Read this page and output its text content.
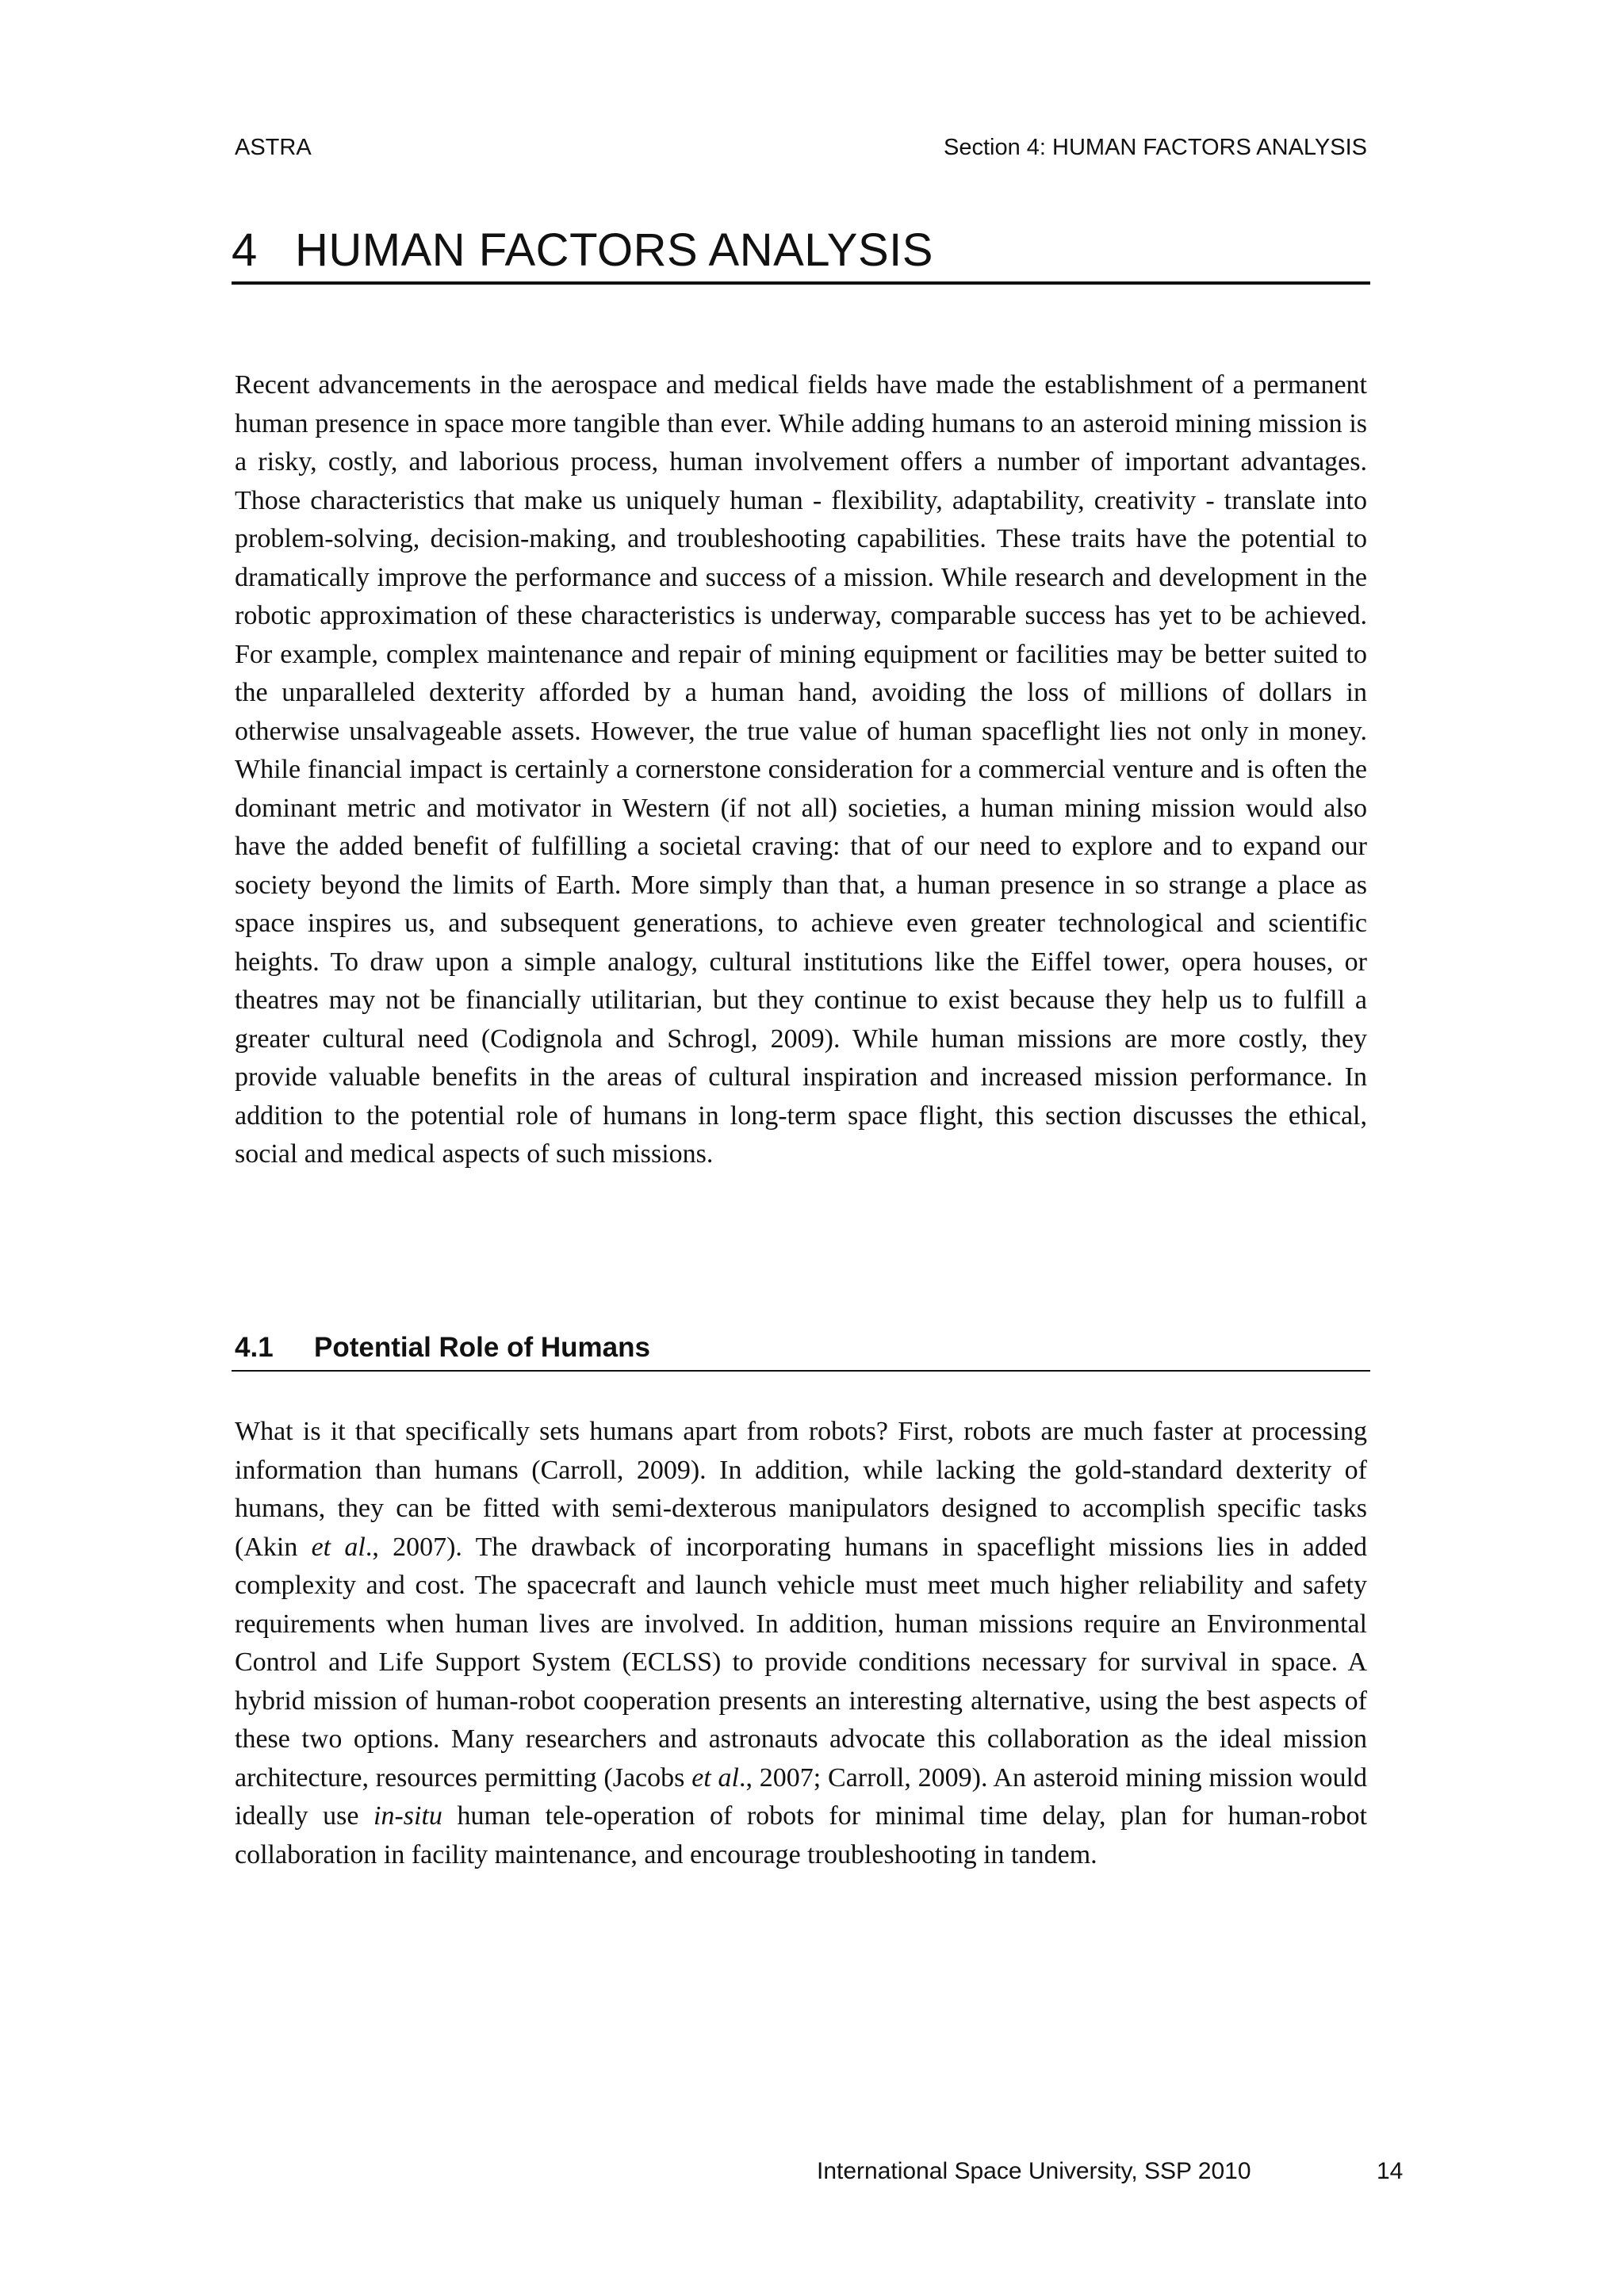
ASTRA	Section 4: HUMAN FACTORS ANALYSIS
4 HUMAN FACTORS ANALYSIS

Recent advancements in the aerospace and medical fields have made the establishment of a permanent human presence in space more tangible than ever. While adding humans to an asteroid mining mission is a risky, costly, and laborious process, human involvement offers a number of important advantages. Those characteristics that make us uniquely human - flexibility, adaptability, creativity - translate into problem-solving, decision-making, and troubleshooting capabilities. These traits have the potential to dramatically improve the performance and success of a mission. While research and development in the robotic approximation of these characteristics is underway, comparable success has yet to be achieved. For example, complex maintenance and repair of mining equipment or facilities may be better suited to the unparalleled dexterity afforded by a human hand, avoiding the loss of millions of dollars in otherwise unsalvageable assets. However, the true value of human spaceflight lies not only in money. While financial impact is certainly a cornerstone consideration for a commercial venture and is often the dominant metric and motivator in Western (if not all) societies, a human mining mission would also have the added benefit of fulfilling a societal craving: that of our need to explore and to expand our society beyond the limits of Earth. More simply than that, a human presence in so strange a place as space inspires us, and subsequent generations, to achieve even greater technological and scientific heights. To draw upon a simple analogy, cultural institutions like the Eiffel tower, opera houses, or theatres may not be financially utilitarian, but they continue to exist because they help us to fulfill a greater cultural need (Codignola and Schrogl, 2009). While human missions are more costly, they provide valuable benefits in the areas of cultural inspiration and increased mission performance. In addition to the potential role of humans in long-term space flight, this section discusses the ethical, social and medical aspects of such missions.

4.1 Potential Role of Humans

What is it that specifically sets humans apart from robots? First, robots are much faster at processing information than humans (Carroll, 2009). In addition, while lacking the gold-standard dexterity of humans, they can be fitted with semi-dexterous manipulators designed to accomplish specific tasks (Akin et al., 2007). The drawback of incorporating humans in spaceflight missions lies in added complexity and cost. The spacecraft and launch vehicle must meet much higher reliability and safety requirements when human lives are involved. In addition, human missions require an Environmental Control and Life Support System (ECLSS) to provide conditions necessary for survival in space. A hybrid mission of human-robot cooperation presents an interesting alternative, using the best aspects of these two options. Many researchers and astronauts advocate this collaboration as the ideal mission architecture, resources permitting (Jacobs et al., 2007; Carroll, 2009). An asteroid mining mission would ideally use in-situ human tele-operation of robots for minimal time delay, plan for human-robot collaboration in facility maintenance, and encourage troubleshooting in tandem.

International Space University, SSP 2010	14
